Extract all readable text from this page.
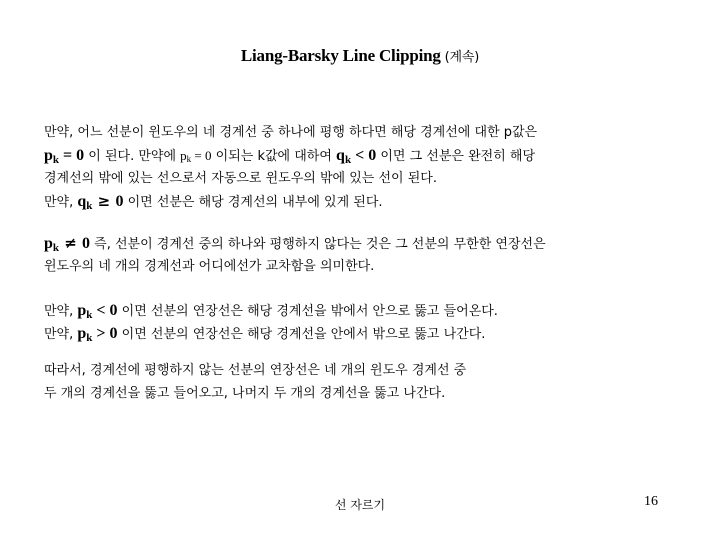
Liang-Barsky Line Clipping (계속)
만약, 어느 선분이 윈도우의 네 경계선 중 하나에 평행 하다면 해당 경계선에 대한 p값은
$p_k = 0$ 이 된다. 만약에 $p_k = 0$ 이되는 k값에 대하여 $q_k < 0$ 이면 그 선분은 완전히 해당
경계선의 밖에 있는 선으로서 자동으로 윈도우의 밖에 있는 선이 된다.
만약, $q_k \ge 0$ 이면 선분은 해당 경계선의 내부에 있게 된다.
$p_k \ne 0$ 즉, 선분이 경계선 중의 하나와 평행하지 않다는 것은 그 선분의 무한한 연장선은
윈도우의 네 개의 경계선과 어디에선가 교차함을 의미한다.
만약, $p_k < 0$ 이면 선분의 연장선은 해당 경계선을 밖에서 안으로 뚫고 들어온다.
만약, $p_k > 0$ 이면 선분의 연장선은 해당 경계선을 안에서 밖으로 뚫고 나간다.
따라서, 경계선에 평행하지 않는 선분의 연장선은 네 개의 윈도우 경계선 중
두 개의 경계선을 뚫고 들어오고, 나머지 두 개의 경계선을 뚫고 나간다.
선 자르기	16
